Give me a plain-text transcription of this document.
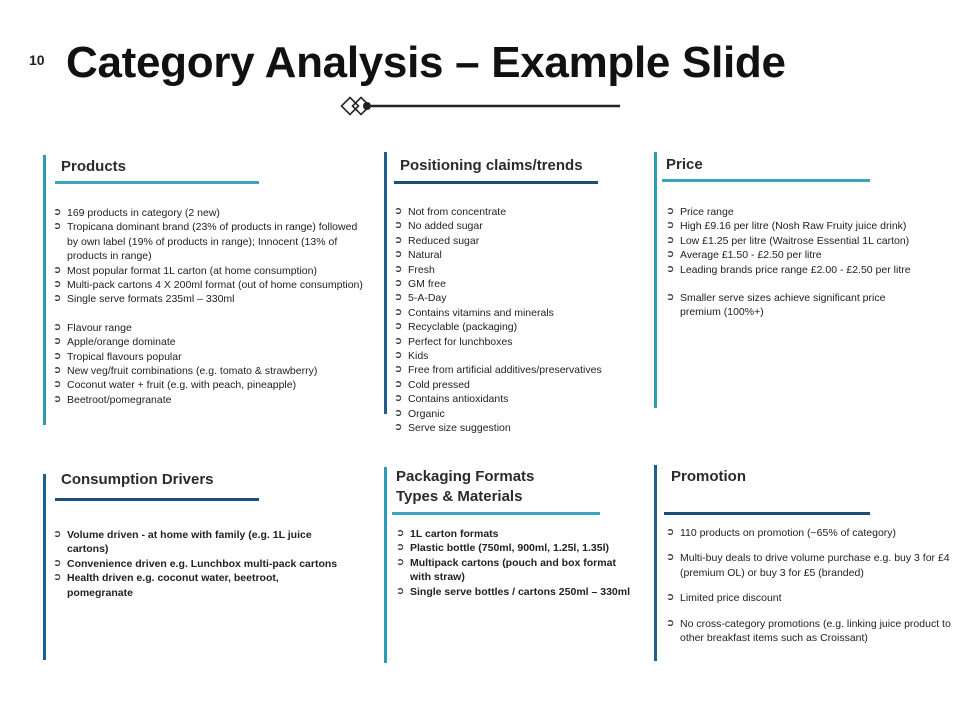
10 Category Analysis – Example Slide
Products
➲ 169 products in category (2 new)
➲ Tropicana dominant brand (23% of products in range) followed by own label (19% of products in range); Innocent (13% of products in range)
➲ Most popular format 1L carton (at home consumption)
➲ Multi-pack cartons 4 X 200ml format (out of home consumption)
➲ Single serve formats 235ml – 330ml
➲ Flavour range
➲ Apple/orange dominate
➲ Tropical flavours popular
➲ New veg/fruit combinations (e.g. tomato & strawberry)
➲ Coconut water + fruit (e.g. with peach, pineapple)
➲ Beetroot/pomegranate
Positioning claims/trends
➲ Not from concentrate
➲ No added sugar
➲ Reduced sugar
➲ Natural
➲ Fresh
➲ GM free
➲ 5-A-Day
➲ Contains vitamins and minerals
➲ Recyclable (packaging)
➲ Perfect for lunchboxes
➲ Kids
➲ Free from artificial additives/preservatives
➲ Cold pressed
➲ Contains antioxidants
➲ Organic
➲ Serve size suggestion
Price
➲ Price range
➲ High £9.16 per litre (Nosh Raw Fruity juice drink)
➲ Low £1.25 per litre (Waitrose Essential 1L carton)
➲ Average £1.50 - £2.50 per litre
➲ Leading brands price range £2.00 - £2.50 per litre
➲ Smaller serve sizes achieve significant price premium (100%+)
Consumption Drivers
➲ Volume driven - at home with family (e.g. 1L juice cartons)
➲ Convenience driven e.g. Lunchbox multi-pack cartons
➲ Health driven e.g. coconut water, beetroot, pomegranate
Packaging Formats
Types & Materials
➲ 1L carton formats
➲ Plastic bottle (750ml, 900ml, 1.25l, 1.35l)
➲ Multipack cartons (pouch and box format with straw)
➲ Single serve bottles / cartons 250ml – 330ml
Promotion
➲ 110 products on promotion (~65% of category)
➲ Multi-buy deals to drive volume purchase e.g. buy 3 for £4 (premium OL) or buy 3 for £5 (branded)
➲ Limited price discount
➲ No cross-category promotions (e.g. linking juice product to other breakfast items such as Croissant)
